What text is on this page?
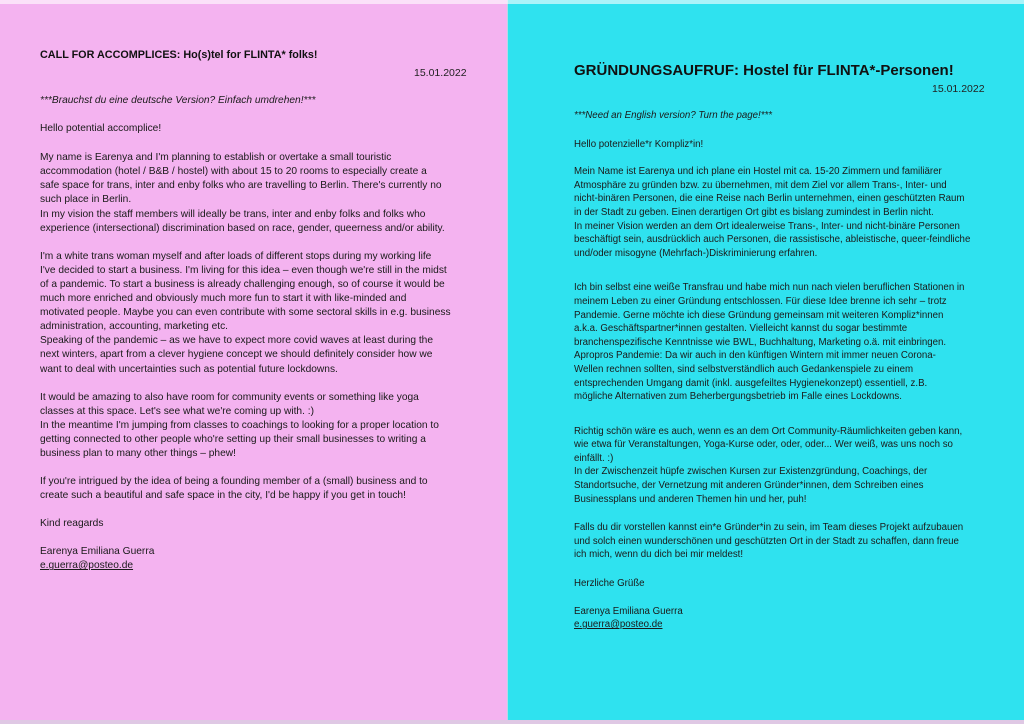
CALL FOR ACCOMPLICES: Ho(s)tel for FLINTA* folks!
15.01.2022

***Brauchst du eine deutsche Version? Einfach umdrehen!***

Hello potential accomplice!

My name is Earenya and I'm planning to establish or overtake a small touristic
accommodation (hotel / B&B / hostel) with about 15 to 20 rooms to especially create a
safe space for trans, inter and enby folks who are travelling to Berlin. There's currently no
such place in Berlin.
In my vision the staff members will ideally be trans, inter and enby folks and folks who
experience (intersectional) discrimination based on race, gender, queerness and/or ability.

I'm a white trans woman myself and after loads of different stops during my working life
I've decided to start a business. I'm living for this idea – even though we're still in the midst
of a pandemic. To start a business is already challenging enough, so of course it would be
much more enriched and obviously much more fun to start it with like-minded and
motivated people. Maybe you can even contribute with some sectoral skills in e.g. business
administration, accounting, marketing etc.
Speaking of the pandemic – as we have to expect more covid waves at least during the
next winters, apart from a clever hygiene concept we should definitely consider how we
want to deal with uncertainties such as potential future lockdowns.

It would be amazing to also have room for community events or something like yoga
classes at this space. Let's see what we're coming up with. :)
In the meantime I'm jumping from classes to coachings to looking for a proper location to
getting connected to other people who're setting up their small businesses to writing a
business plan to many other things – phew!

If you're intrigued by the idea of being a founding member of a (small) business and to
create such a beautiful and safe space in the city, I'd be happy if you get in touch!

Kind reagards

Earenya Emiliana Guerra
e.guerra@posteo.de

GRÜNDUNGSAUFRUF: Hostel für FLINTA*-Personen!
15.01.2022

***Need an English version? Turn the page!***

Hello potenzielle*r Kompliz*in!

Mein Name ist Earenya und ich plane ein Hostel mit ca. 15-20 Zimmern und familiärer
Atmosphäre zu gründen bzw. zu übernehmen, mit dem Ziel vor allem Trans-, Inter- und
nicht-binären Personen, die eine Reise nach Berlin unternehmen, einen geschützten Raum
in der Stadt zu geben. Einen derartigen Ort gibt es bislang zumindest in Berlin nicht.
In meiner Vision werden an dem Ort idealerweise Trans-, Inter- und nicht-binäre Personen
beschäftigt sein, ausdrücklich auch Personen, die rassistische, ableistische, queer-feindliche
und/oder misogyne (Mehrfach-)Diskriminierung erfahren.

Ich bin selbst eine weiße Transfrau und habe mich nun nach vielen beruflichen Stationen in
meinem Leben zu einer Gründung entschlossen. Für diese Idee brenne ich sehr – trotz
Pandemie. Gerne möchte ich diese Gründung gemeinsam mit weiteren Kompliz*innen
a.k.a. Geschäftspartner*innen gestalten. Vielleicht kannst du sogar bestimmte
branchenspezifische Kenntnisse wie BWL, Buchhaltung, Marketing o.ä. mit einbringen.
Apropros Pandemie: Da wir auch in den künftigen Wintern mit immer neuen Corona-
Wellen rechnen sollten, sind selbstverständlich auch Gedankenspiele zu einem
entsprechenden Umgang damit (inkl. ausgefeiltes Hygienekonzept) essentiell, z.B.
mögliche Alternativen zum Beherbergungsbetrieb im Falle eines Lockdowns.

Richtig schön wäre es auch, wenn es an dem Ort Community-Räumlichkeiten geben kann,
wie etwa für Veranstaltungen, Yoga-Kurse oder, oder, oder... Wer weiß, was uns noch so
einfällt. :)
In der Zwischenzeit hüpfe zwischen Kursen zur Existenzgründung, Coachings, der
Standortsuche, der Vernetzung mit anderen Gründer*innen, dem Schreiben eines
Businessplans und anderen Themen hin und her, puh!

Falls du dir vorstellen kannst ein*e Gründer*in zu sein, im Team dieses Projekt aufzubauen
und solch einen wunderschönen und geschützten Ort in der Stadt zu schaffen, dann freue
ich mich, wenn du dich bei mir meldest!

Herzliche Grüße

Earenya Emiliana Guerra
e.guerra@posteo.de
